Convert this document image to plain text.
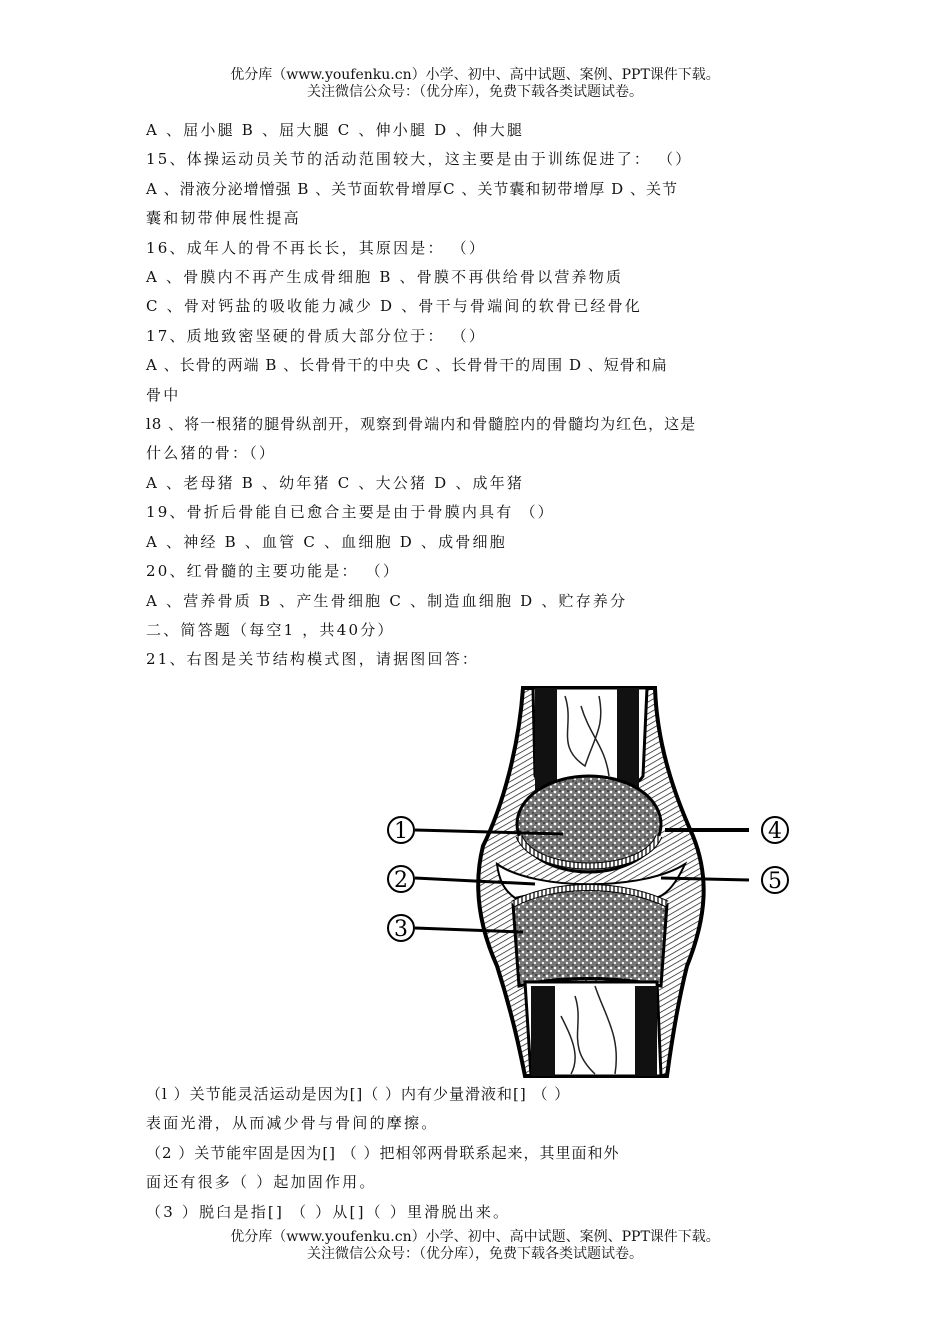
优分库（www.youfenku.cn）小学、初中、高中试题、案例、PPT课件下载。
关注微信公众号：（优分库），免费下载各类试题试卷。
A 、屈小腿 B 、屈大腿 C 、伸小腿 D 、伸大腿
15、体操运动员关节的活动范围较大，这主要是由于训练促进了： （）
A 、滑液分泌增憎强 B 、关节面软骨增厚C 、关节囊和韧带增厚 D 、关节
囊和韧带伸展性提高
16、成年人的骨不再长长，其原因是： （）
A 、骨膜内不再产生成骨细胞 B 、骨膜不再供给骨以营养物质
C 、骨对钙盐的吸收能力减少 D 、骨干与骨端间的软骨已经骨化
17、质地致密坚硬的骨质大部分位于： （）
A 、长骨的两端 B 、长骨骨干的中央 C 、长骨骨干的周围 D 、短骨和扁
骨中
l8 、将一根猪的腿骨纵剖开，观察到骨端内和骨髓腔内的骨髓均为红色，这是
什么猪的骨：（）
A 、老母猪 B 、幼年猪 C 、大公猪 D 、成年猪
19、骨折后骨能自已愈合主要是由于骨膜内具有 （）
A 、神经 B 、血管 C 、血细胞 D 、成骨细胞
20、红骨髓的主要功能是： （）
A 、营养骨质 B 、产生骨细胞 C 、制造血细胞 D 、贮存养分
二、简答题（每空1 ，共40分）
21、右图是关节结构模式图，请据图回答：
1
2
3
4
5
（l ）关节能灵活运动是因为[]（ ）内有少量滑液和[] （ ）
表面光滑，从而减少骨与骨间的摩擦。
（2 ）关节能牢固是因为[] （ ）把相邻两骨联系起来，其里面和外
面还有很多（ ）起加固作用。
（3 ）脱臼是指[] （ ）从[]（ ）里滑脱出来。
优分库（www.youfenku.cn）小学、初中、高中试题、案例、PPT课件下载。
关注微信公众号：（优分库），免费下载各类试题试卷。
